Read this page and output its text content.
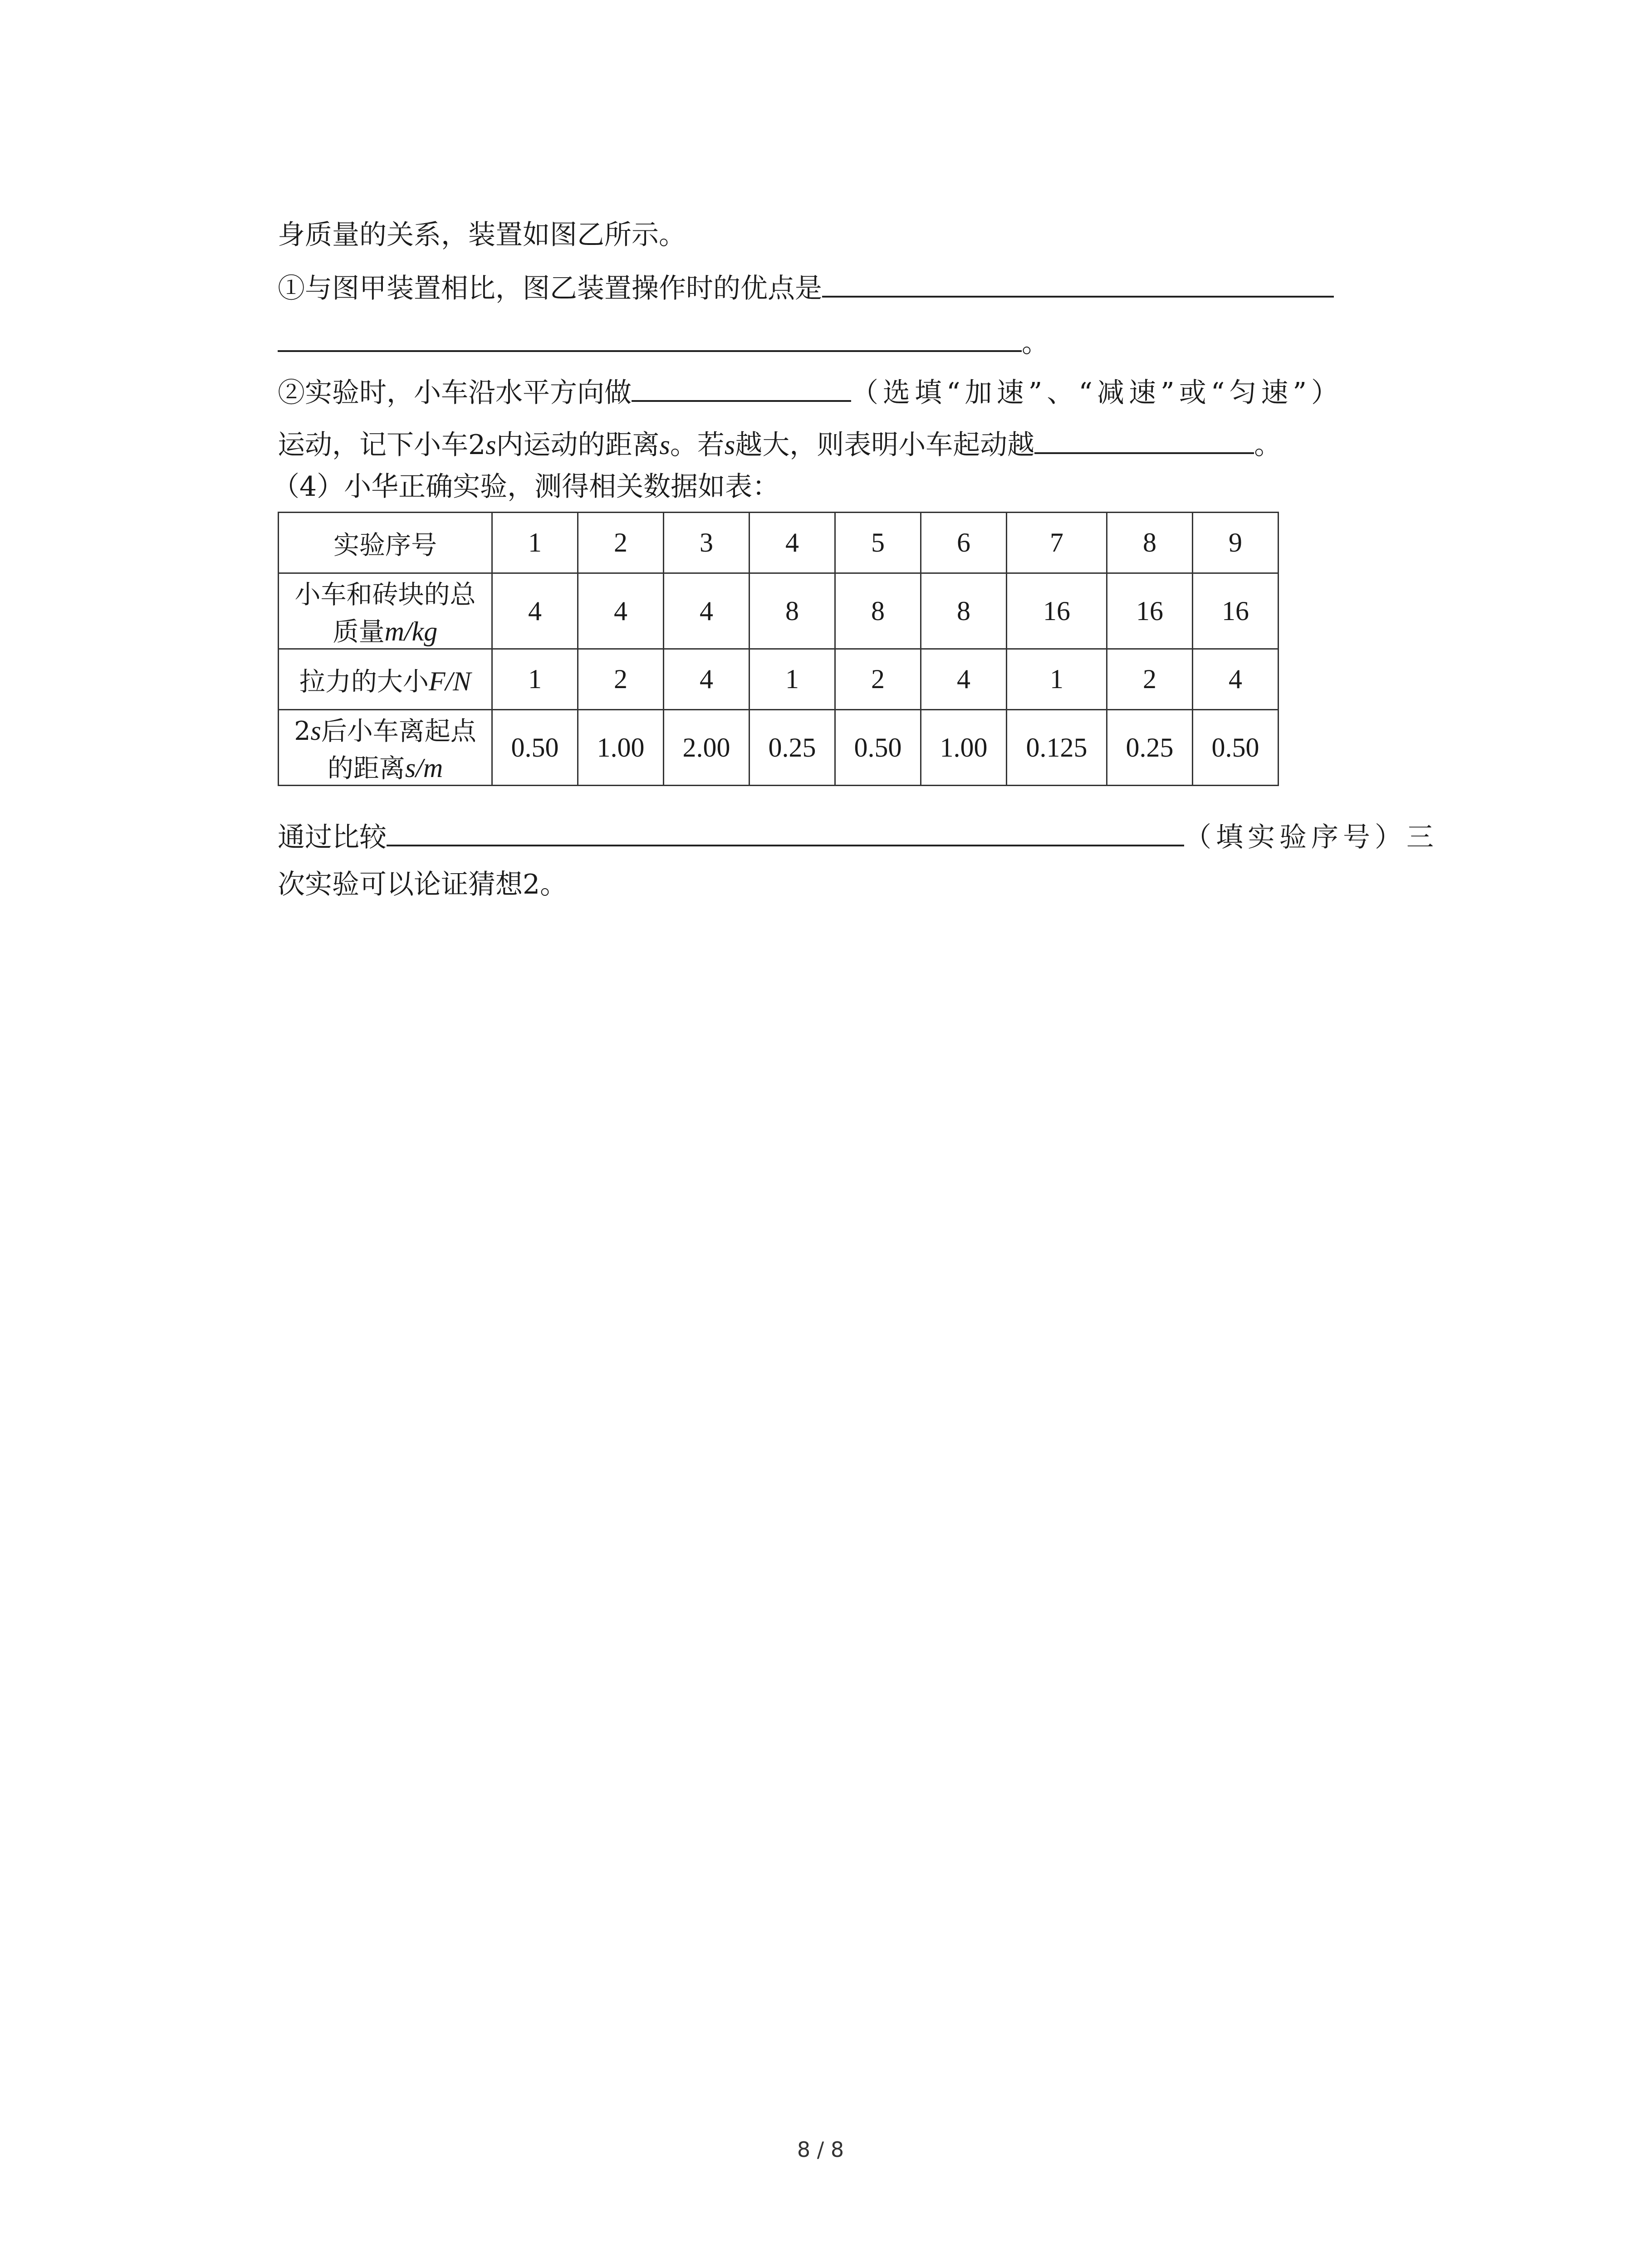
身质量的关系，装置如图乙所示。
①与图甲装置相比，图乙装置操作时的优点是
。
②实验时，小车沿水平方向做	（选填“加速”、“减速”或“匀速”）
运动，记下小车2s内运动的距离s。若s越大，则表明小车起动越	。
（4）小华正确实验，测得相关数据如表：
实验序号	1	2	3	4	5	6	7	8	9
小车和砖块的总质量m/kg	4	4	4	8	8	8	16	16	16
拉力的大小F/N	1	2	4	1	2	4	1	2	4
2s后小车离起点的距离s/m	0.50	1.00	2.00	0.25	0.50	1.00	0.125	0.25	0.50
通过比较	（填实验序号）三
次实验可以论证猜想2。
8 / 8
